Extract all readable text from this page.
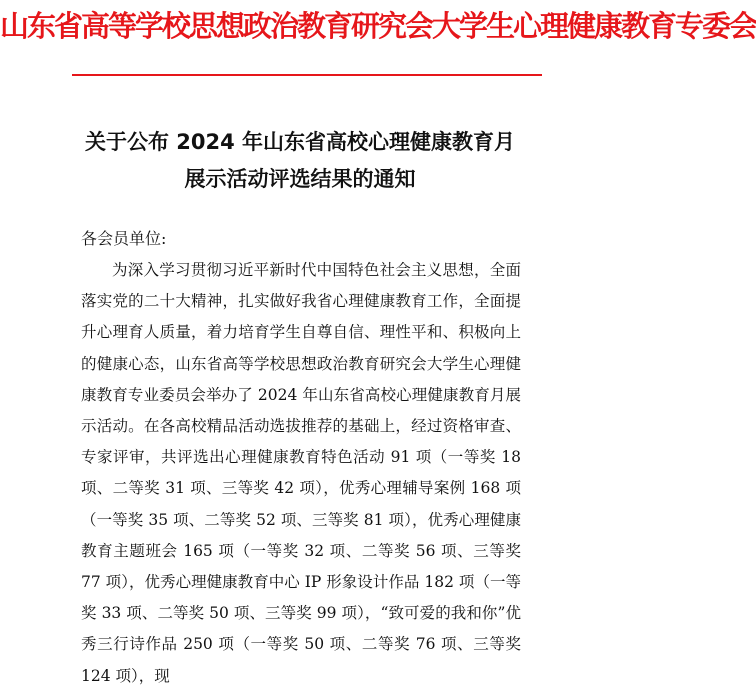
山东省高等学校思想政治教育研究会大学生心理健康教育专委会
关于公布 2024 年山东省高校心理健康教育月
展示活动评选结果的通知
各会员单位:

为深入学习贯彻习近平新时代中国特色社会主义思想，全面落实党的二十大精神，扎实做好我省心理健康教育工作，全面提升心理育人质量，着力培育学生自尊自信、理性平和、积极向上的健康心态，山东省高等学校思想政治教育研究会大学生心理健康教育专业委员会举办了 2024 年山东省高校心理健康教育月展示活动。在各高校精品活动选拔推荐的基础上，经过资格审查、专家评审，共评选出心理健康教育特色活动 91 项（一等奖 18 项、二等奖 31 项、三等奖 42 项），优秀心理辅导案例 168 项（一等奖 35 项、二等奖 52 项、三等奖 81 项），优秀心理健康教育主题班会 165 项（一等奖 32 项、二等奖 56 项、三等奖 77 项），优秀心理健康教育中心 IP 形象设计作品 182 项（一等奖 33 项、二等奖 50 项、三等奖 99 项），“致可爱的我和你”优秀三行诗作品 250 项（一等奖 50 项、二等奖 76 项、三等奖 124 项），现
